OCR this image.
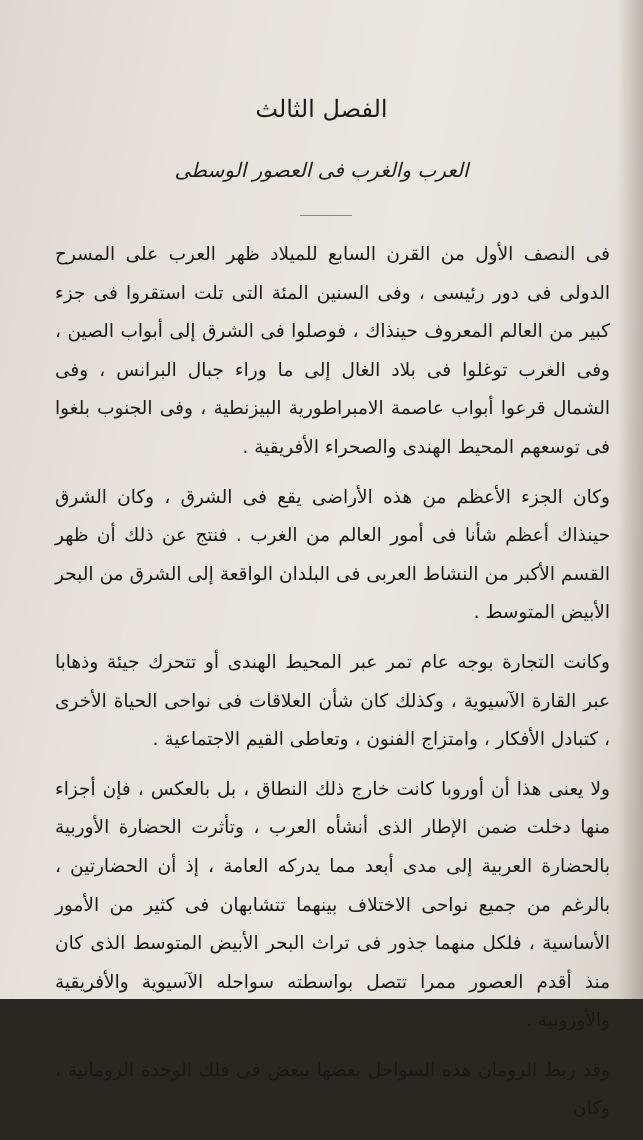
الفصل الثالث
العرب والغرب فى العصور الوسطى

فى النصف الأول من القرن السابع للميلاد ظهر العرب على المسرح الدولى فى دور رئيسى ، وفى السنين المئة التى تلت استقروا فى جزء كبير من العالم المعروف حينذاك ، فوصلوا فى الشرق إلى أبواب الصين ، وفى الغرب توغلوا فى بلاد الغال إلى ما وراء جبال البرانس ، وفى الشمال قرعوا أبواب عاصمة الامبراطورية البيزنطية ، وفى الجنوب بلغوا فى توسعهم المحيط الهندى والصحراء الأفريقية .

وكان الجزء الأعظم من هذه الأراضى يقع فى الشرق ، وكان الشرق حينذاك أعظم شأنا فى أمور العالم من الغرب . فنتج عن ذلك أن ظهر القسم الأكبر من النشاط العربى فى البلدان الواقعة إلى الشرق من البحر الأبيض المتوسط .

وكانت التجارة بوجه عام تمر عبر المحيط الهندى أو تتحرك جيئة وذهابا عبر القارة الآسيوية ، وكذلك كان شأن العلاقات فى نواحى الحياة الأخرى ، كتبادل الأفكار ، وامتزاج الفنون ، وتعاطى القيم الاجتماعية .

ولا يعنى هذا أن أوروبا كانت خارج ذلك النطاق ، بل بالعكس ، فإن أجزاء منها دخلت ضمن الإطار الذى أنشأه العرب ، وتأثرت الحضارة الأوربية بالحضارة العربية إلى مدى أبعد مما يدركه العامة ، إذ أن الحضارتين ، بالرغم من جميع نواحى الاختلاف بينهما تتشابهان فى كثير من الأمور الأساسية ، فلكل منهما جذور فى تراث البحر الأبيض المتوسط الذى كان منذ أقدم العصور ممرا تتصل بواسطته سواحله الآسيوية والأفريقية والأوروبية .

وقد ربط الرومان هذه السواحل بعضها ببعض فى فلك الوحدة الرومانية ، وكان
